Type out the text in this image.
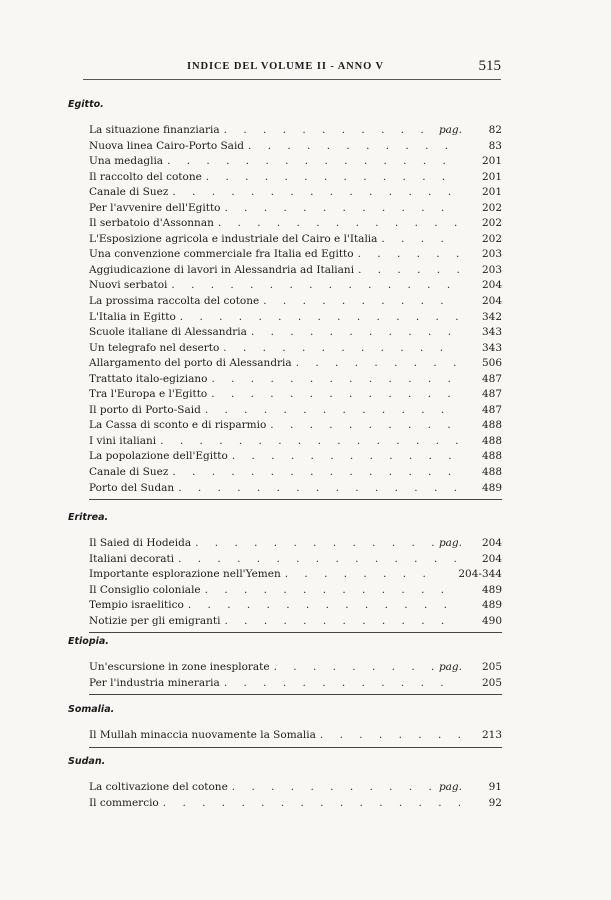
INDICE DEL VOLUME II - ANNO V	515
Egitto.
La situazione finanziaria . . .	pag.	82
Nuova linea Cairo-Porto Said . . .	83
Una medaglia . . .	201
Il raccolto del cotone . . .	201
Canale di Suez . . .	201
Per l'avvenire dell'Egitto . . .	202
Il serbatoio d'Assonnan . . .	202
L'Esposizione agricola e industriale del Cairo e l'Italia . . .	202
Una convenzione commerciale fra Italia ed Egitto . . .	203
Aggiudicazione di lavori in Alessandria ad Italiani . . .	203
Nuovi serbatoi . . .	204
La prossima raccolta del cotone . . .	204
L'Italia in Egitto . . .	342
Scuole italiane di Alessandria . . .	343
Un telegrafo nel deserto . . .	343
Allargamento del porto di Alessandria . . .	506
Trattato italo-egiziano . . .	487
Tra l'Europa e l'Egitto . . .	487
Il porto di Porto-Said . . .	487
La Cassa di sconto e di risparmio . . .	488
I vini italiani . . .	488
La popolazione dell'Egitto . . .	488
Canale di Suez . . .	488
Porto del Sudan . . .	489
Eritrea.
Il Saied di Hodeida . . .	pag.	204
Italiani decorati . . .	204
Importante esplorazione nell'Yemen . . .	204-344
Il Consiglio coloniale . . .	489
Tempio israelitico . . .	489
Notizie per gli emigranti . . .	490
Etiopia.
Un'escursione in zone inesplorate . . .	pag.	205
Per l'industria mineraria . . .	205
Somalia.
Il Mullah minaccia nuovamente la Somalia . . .	213
Sudan.
La coltivazione del cotone . . .	pag.	91
Il commercio . . .	92
